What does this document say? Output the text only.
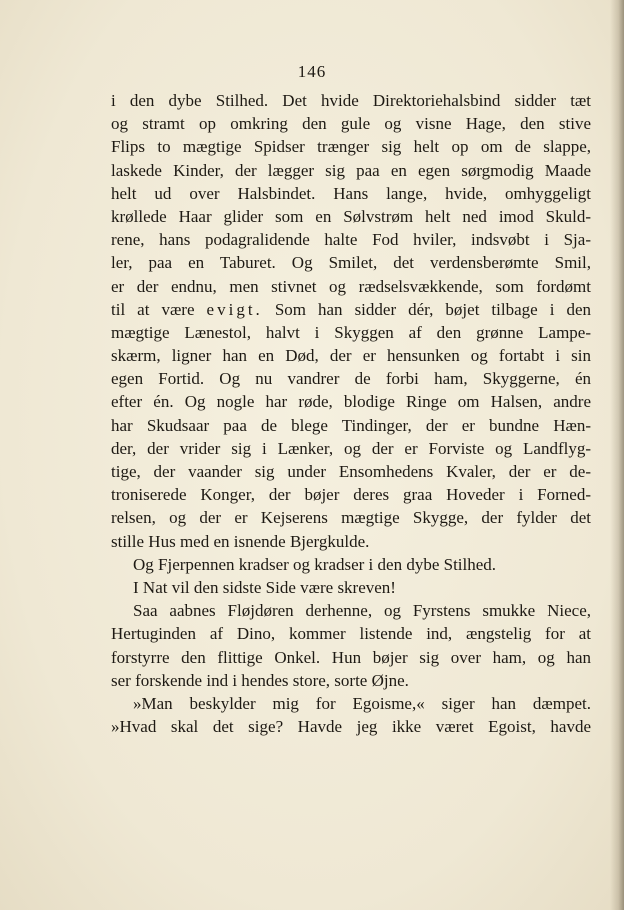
146
i den dybe Stilhed. Det hvide Direktoriehalsbind sidder tæt
og stramt op omkring den gule og visne Hage, den stive
Flips to mægtige Spidser trænger sig helt op om de slappe,
laskede Kinder, der lægger sig paa en egen sørgmodig Maade
helt ud over Halsbindet. Hans lange, hvide, omhyggeligt
krøllede Haar glider som en Sølvstrøm helt ned imod Skuld-
rene, hans podagralidende halte Fod hviler, indsvøbt i Sja-
ler, paa en Taburet. Og Smilet, det verdensberømte Smil,
er der endnu, men stivnet og rædselsvækkende, som fordømt
til at være evigt. Som han sidder dér, bøjet tilbage i den
mægtige Lænestol, halvt i Skyggen af den grønne Lampe-
skærm, ligner han en Død, der er hensunken og fortabt i sin
egen Fortid. Og nu vandrer de forbi ham, Skyggerne, én
efter én. Og nogle har røde, blodige Ringe om Halsen, andre
har Skudsaar paa de blege Tindinger, der er bundne Hæn-
der, der vrider sig i Lænker, og der er Forviste og Landflyg-
tige, der vaander sig under Ensomhedens Kvaler, der er de-
troniserede Konger, der bøjer deres graa Hoveder i Forned-
relsen, og der er Kejserens mægtige Skygge, der fylder det
stille Hus med en isnende Bjergkulde.
Og Fjerpennen kradser og kradser i den dybe Stilhed.
I Nat vil den sidste Side være skreven!
Saa aabnes Fløjdøren derhenne, og Fyrstens smukke Niece,
Hertuginden af Dino, kommer listende ind, ængstelig for at
forstyrre den flittige Onkel. Hun bøjer sig over ham, og han
ser forskende ind i hendes store, sorte Øjne.
»Man beskylder mig for Egoisme,« siger han dæmpet.
»Hvad skal det sige? Havde jeg ikke været Egoist, havde
